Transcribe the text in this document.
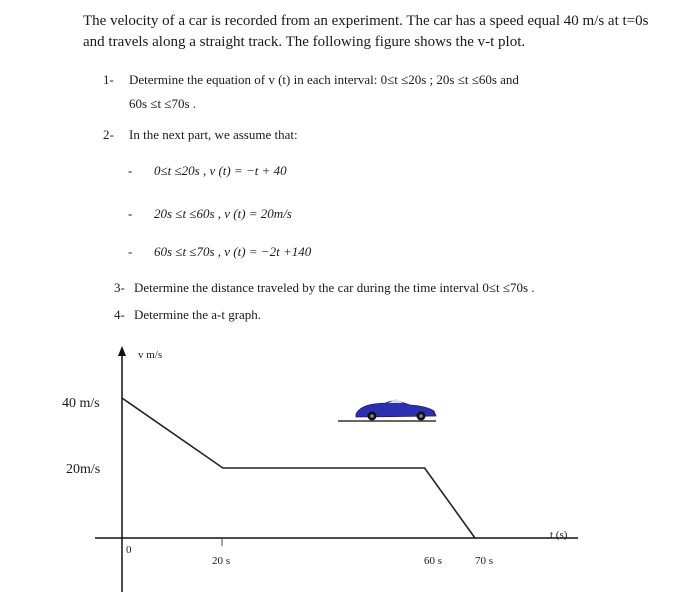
The velocity of a car is recorded from an experiment. The car has a speed equal 40 m/s at t=0s
and travels along a straight track. The following figure shows the v-t plot.
1- Determine the equation of v (t) in each interval: 0≤t ≤20s ; 20s ≤t ≤60s and
60s ≤t ≤70s .
2- In the next part, we assume that:
- 0≤t ≤20s , v (t) = −t + 40
- 20s ≤t ≤60s , v (t) = 20m/s
- 60s ≤t ≤70s , v (t) = −2t +140
3- Determine the distance traveled by the car during the time interval 0≤t ≤70s .
4- Determine the a-t graph.
v m/s
t (s)
40 m/s
20m/s
0
20 s	60 s	70 s
